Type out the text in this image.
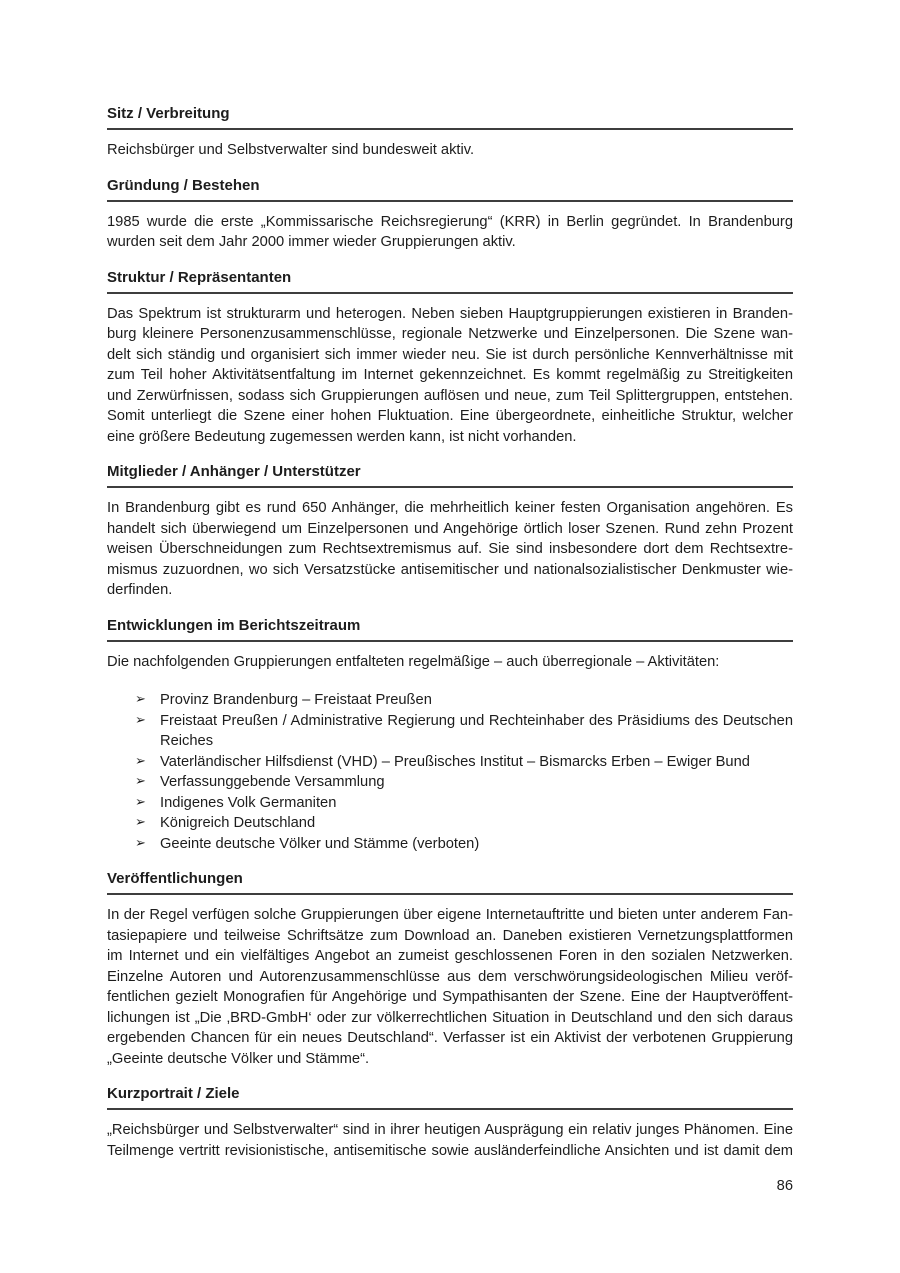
Sitz / Verbreitung
Reichsbürger und Selbstverwalter sind bundesweit aktiv.
Gründung / Bestehen
1985 wurde die erste „Kommissarische Reichsregierung“ (KRR) in Berlin gegründet. In Brandenburg
wurden seit dem Jahr 2000 immer wieder Gruppierungen aktiv.
Struktur / Repräsentanten
Das Spektrum ist strukturarm und heterogen. Neben sieben Hauptgruppierungen existieren in Branden-
burg kleinere Personenzusammenschlüsse, regionale Netzwerke und Einzelpersonen. Die Szene wan-
delt sich ständig und organisiert sich immer wieder neu. Sie ist durch persönliche Kennverhältnisse mit
zum Teil hoher Aktivitätsentfaltung im Internet gekennzeichnet. Es kommt regelmäßig zu Streitigkeiten
und Zerwürfnissen, sodass sich Gruppierungen auflösen und neue, zum Teil Splittergruppen, entstehen.
Somit unterliegt die Szene einer hohen Fluktuation. Eine übergeordnete, einheitliche Struktur, welcher
eine größere Bedeutung zugemessen werden kann, ist nicht vorhanden.
Mitglieder / Anhänger / Unterstützer
In Brandenburg gibt es rund 650 Anhänger, die mehrheitlich keiner festen Organisation angehören. Es
handelt sich überwiegend um Einzelpersonen und Angehörige örtlich loser Szenen. Rund zehn Prozent
weisen Überschneidungen zum Rechtsextremismus auf. Sie sind insbesondere dort dem Rechtsextre-
mismus zuzuordnen, wo sich Versatzstücke antisemitischer und nationalsozialistischer Denkmuster wie-
derfinden.
Entwicklungen im Berichtszeitraum
Die nachfolgenden Gruppierungen entfalteten regelmäßige – auch überregionale – Aktivitäten:
➢ Provinz Brandenburg – Freistaat Preußen
➢ Freistaat Preußen / Administrative Regierung und Rechteinhaber des Präsidiums des Deutschen
Reiches
➢ Vaterländischer Hilfsdienst (VHD) – Preußisches Institut – Bismarcks Erben – Ewiger Bund
➢ Verfassunggebende Versammlung
➢ Indigenes Volk Germaniten
➢ Königreich Deutschland
➢ Geeinte deutsche Völker und Stämme (verboten)
Veröffentlichungen
In der Regel verfügen solche Gruppierungen über eigene Internetauftritte und bieten unter anderem Fan-
tasiepapiere und teilweise Schriftsätze zum Download an. Daneben existieren Vernetzungsplattformen
im Internet und ein vielfältiges Angebot an zumeist geschlossenen Foren in den sozialen Netzwerken.
Einzelne Autoren und Autorenzusammenschlüsse aus dem verschwörungsideologischen Milieu veröf-
fentlichen gezielt Monografien für Angehörige und Sympathisanten der Szene. Eine der Hauptveröffent-
lichungen ist „Die ‚BRD-GmbH‘ oder zur völkerrechtlichen Situation in Deutschland und den sich daraus
ergebenden Chancen für ein neues Deutschland“. Verfasser ist ein Aktivist der verbotenen Gruppierung
„Geeinte deutsche Völker und Stämme“.
Kurzportrait / Ziele
„Reichsbürger und Selbstverwalter“ sind in ihrer heutigen Ausprägung ein relativ junges Phänomen. Eine
Teilmenge vertritt revisionistische, antisemitische sowie ausländerfeindliche Ansichten und ist damit dem
86
